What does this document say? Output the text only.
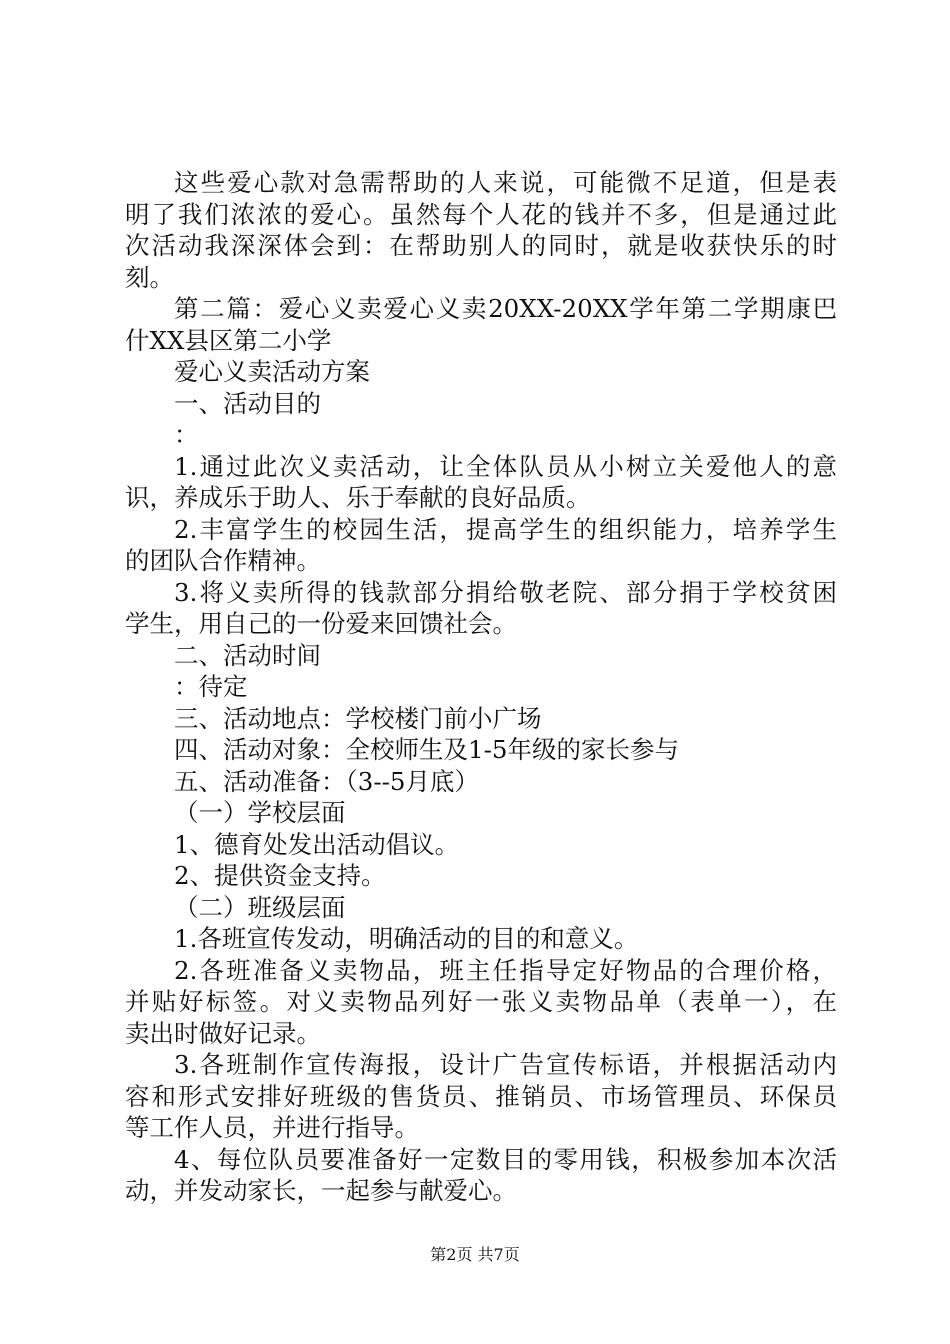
这些爱心款对急需帮助的人来说，可能微不足道，但是表
明了我们浓浓的爱心。虽然每个人花的钱并不多，但是通过此
次活动我深深体会到：在帮助别人的同时，就是收获快乐的时
刻。
第二篇：爱心义卖爱心义卖20XX-20XX学年第二学期康巴
什XX县区第二小学
爱心义卖活动方案
一、活动目的
：
1.通过此次义卖活动，让全体队员从小树立关爱他人的意
识，养成乐于助人、乐于奉献的良好品质。
2.丰富学生的校园生活，提高学生的组织能力，培养学生
的团队合作精神。
3.将义卖所得的钱款部分捐给敬老院、部分捐于学校贫困
学生，用自己的一份爱来回馈社会。
二、活动时间
：待定
三、活动地点：学校楼门前小广场
四、活动对象：全校师生及1-5年级的家长参与
五、活动准备：（3--5月底）
（一）学校层面
1、德育处发出活动倡议。
2、提供资金支持。
（二）班级层面
1.各班宣传发动，明确活动的目的和意义。
2.各班准备义卖物品，班主任指导定好物品的合理价格，
并贴好标签。对义卖物品列好一张义卖物品单（表单一），在
卖出时做好记录。
3.各班制作宣传海报，设计广告宣传标语，并根据活动内
容和形式安排好班级的售货员、推销员、市场管理员、环保员
等工作人员，并进行指导。
4、每位队员要准备好一定数目的零用钱，积极参加本次活
动，并发动家长，一起参与献爱心。
第2页 共7页
